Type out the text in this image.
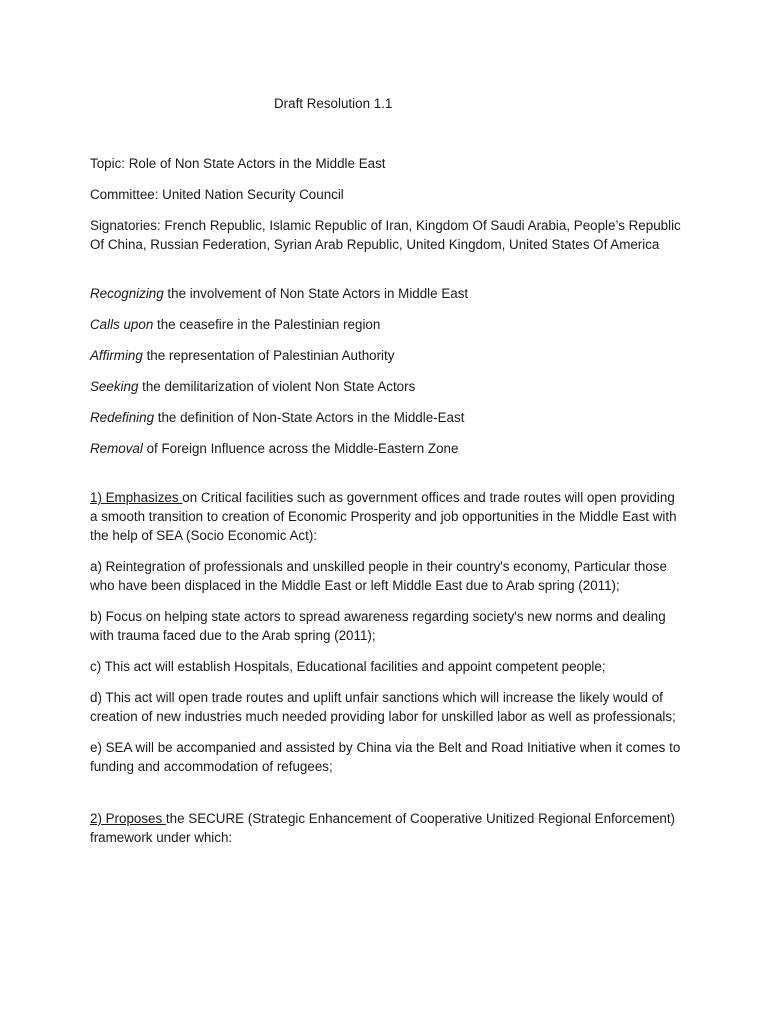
Draft Resolution 1.1

Topic: Role of Non State Actors in the Middle East

Committee: United Nation Security Council

Signatories: French Republic, Islamic Republic of Iran, Kingdom Of Saudi Arabia, People’s Republic Of China, Russian Federation, Syrian Arab Republic, United Kingdom, United States Of America

Recognizing the involvement of Non State Actors in Middle East

Calls upon the ceasefire in the Palestinian region

Affirming the representation of Palestinian Authority

Seeking the demilitarization of violent Non State Actors

Redefining the definition of Non-State Actors in the Middle-East

Removal of Foreign Influence across the Middle-Eastern Zone

1) Emphasizes on Critical facilities such as government offices and trade routes will open providing a smooth transition to creation of Economic Prosperity and job opportunities in the Middle East with the help of SEA (Socio Economic Act):

a) Reintegration of professionals and unskilled people in their country's economy, Particular those who have been displaced in the Middle East or left Middle East due to Arab spring (2011);

b) Focus on helping state actors to spread awareness regarding society's new norms and dealing with trauma faced due to the Arab spring (2011);

c) This act will establish Hospitals, Educational facilities and appoint competent people;

d) This act will open trade routes and uplift unfair sanctions which will increase the likely would of creation of new industries much needed providing labor for unskilled labor as well as professionals;

e) SEA will be accompanied and assisted by China via the Belt and Road Initiative when it comes to funding and accommodation of refugees;

2) Proposes the SECURE (Strategic Enhancement of Cooperative Unitized Regional Enforcement) framework under which:
